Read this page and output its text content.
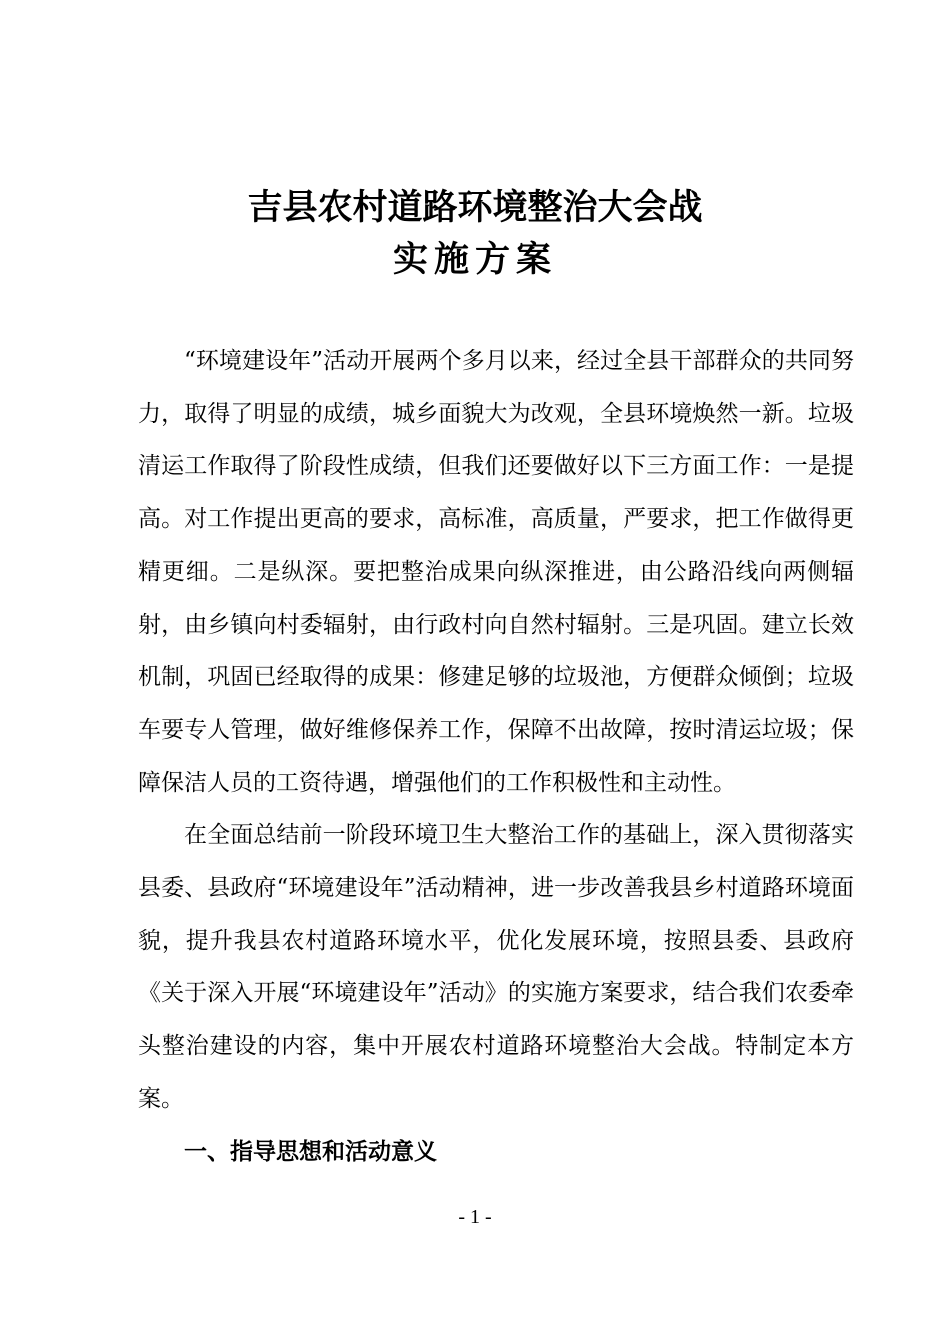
吉县农村道路环境整治大会战
实施方案

“环境建设年”活动开展两个多月以来，经过全县干部群众的共同努力，取得了明显的成绩，城乡面貌大为改观，全县环境焕然一新。垃圾清运工作取得了阶段性成绩，但我们还要做好以下三方面工作：一是提高。对工作提出更高的要求，高标准，高质量，严要求，把工作做得更精更细。二是纵深。要把整治成果向纵深推进，由公路沿线向两侧辐射，由乡镇向村委辐射，由行政村向自然村辐射。三是巩固。建立长效机制，巩固已经取得的成果：修建足够的垃圾池，方便群众倾倒；垃圾车要专人管理，做好维修保养工作，保障不出故障，按时清运垃圾；保障保洁人员的工资待遇，增强他们的工作积极性和主动性。

在全面总结前一阶段环境卫生大整治工作的基础上，深入贯彻落实县委、县政府“环境建设年”活动精神，进一步改善我县乡村道路环境面貌，提升我县农村道路环境水平，优化发展环境，按照县委、县政府《关于深入开展“环境建设年”活动》的实施方案要求，结合我们农委牵头整治建设的内容，集中开展农村道路环境整治大会战。特制定本方案。

一、指导思想和活动意义

- 1 -
